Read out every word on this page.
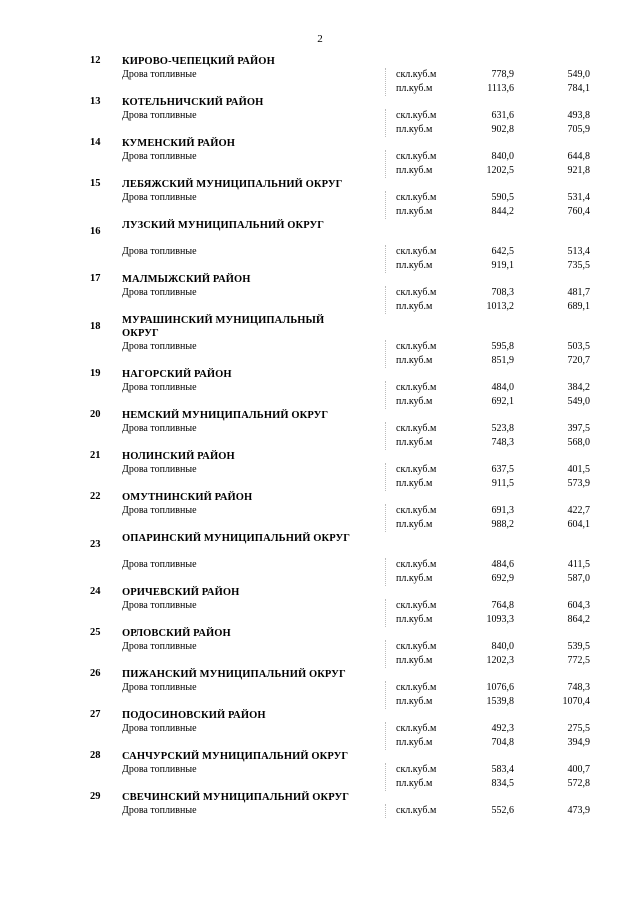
2
12	КИРОВО-ЧЕПЕЦКИЙ РАЙОН
Дрова топливные	скл.куб.м	778,9	549,0
пл.куб.м	1113,6	784,1
13	КОТЕЛЬНИЧСКИЙ РАЙОН
Дрова топливные	скл.куб.м	631,6	493,8
пл.куб.м	902,8	705,9
14	КУМЕНСКИЙ РАЙОН
Дрова топливные	скл.куб.м	840,0	644,8
пл.куб.м	1202,5	921,8
15	ЛЕБЯЖСКИЙ МУНИЦИПАЛЬНИЙ ОКРУГ
Дрова топливные	скл.куб.м	590,5	531,4
пл.куб.м	844,2	760,4
16
ЛУЗСКИЙ МУНИЦИПАЛЬНИЙ ОКРУГ
Дрова топливные	скл.куб.м	642,5	513,4
пл.куб.м	919,1	735,5
17	МАЛМЫЖСКИЙ РАЙОН
Дрова топливные	скл.куб.м	708,3	481,7
пл.куб.м	1013,2	689,1
18
МУРАШИНСКИЙ МУНИЦИПАЛЬНЫЙ ОКРУГ
Дрова топливные	скл.куб.м	595,8	503,5
пл.куб.м	851,9	720,7
19	НАГОРСКИЙ РАЙОН
Дрова топливные	скл.куб.м	484,0	384,2
пл.куб.м	692,1	549,0
20	НЕМСКИЙ МУНИЦИПАЛЬНИЙ ОКРУГ
Дрова топливные	скл.куб.м	523,8	397,5
пл.куб.м	748,3	568,0
21	НОЛИНСКИЙ РАЙОН
Дрова топливные	скл.куб.м	637,5	401,5
пл.куб.м	911,5	573,9
22	ОМУТНИНСКИЙ РАЙОН
Дрова топливные	скл.куб.м	691,3	422,7
пл.куб.м	988,2	604,1
23
ОПАРИНСКИЙ МУНИЦИПАЛЬНИЙ ОКРУГ
Дрова топливные	скл.куб.м	484,6	411,5
пл.куб.м	692,9	587,0
24	ОРИЧЕВСКИЙ РАЙОН
Дрова топливные	скл.куб.м	764,8	604,3
пл.куб.м	1093,3	864,2
25	ОРЛОВСКИЙ РАЙОН
Дрова топливные	скл.куб.м	840,0	539,5
пл.куб.м	1202,3	772,5
26	ПИЖАНСКИЙ МУНИЦИПАЛЬНИЙ ОКРУГ
Дрова топливные	скл.куб.м	1076,6	748,3
пл.куб.м	1539,8	1070,4
27	ПОДОСИНОВСКИЙ РАЙОН
Дрова топливные	скл.куб.м	492,3	275,5
пл.куб.м	704,8	394,9
28	САНЧУРСКИЙ МУНИЦИПАЛЬНИЙ ОКРУГ
Дрова топливные	скл.куб.м	583,4	400,7
пл.куб.м	834,5	572,8
29	СВЕЧИНСКИЙ МУНИЦИПАЛЬНИЙ ОКРУГ
Дрова топливные	скл.куб.м	552,6	473,9
